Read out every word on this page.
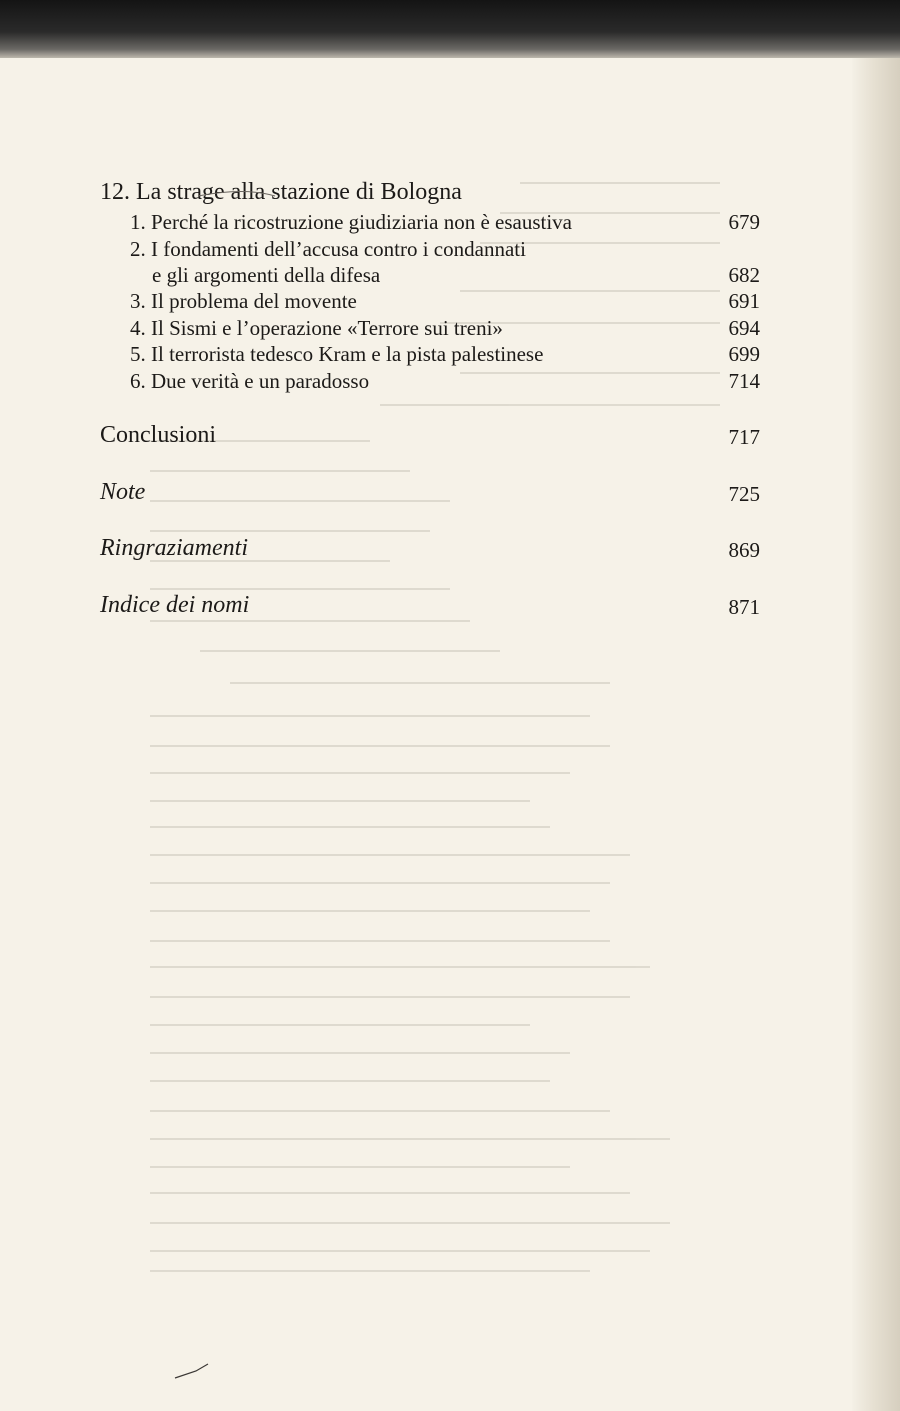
12. La strage alla stazione di Bologna
1. Perché la ricostruzione giudiziaria non è esaustiva	679
2. I fondamenti dell’accusa contro i condannati
e gli argomenti della difesa	682
3. Il problema del movente	691
4. Il Sismi e l’operazione «Terrore sui treni»	694
5. Il terrorista tedesco Kram e la pista palestinese	699
6. Due verità e un paradosso	714
Conclusioni	717
Note	725
Ringraziamenti	869
Indice dei nomi	871
